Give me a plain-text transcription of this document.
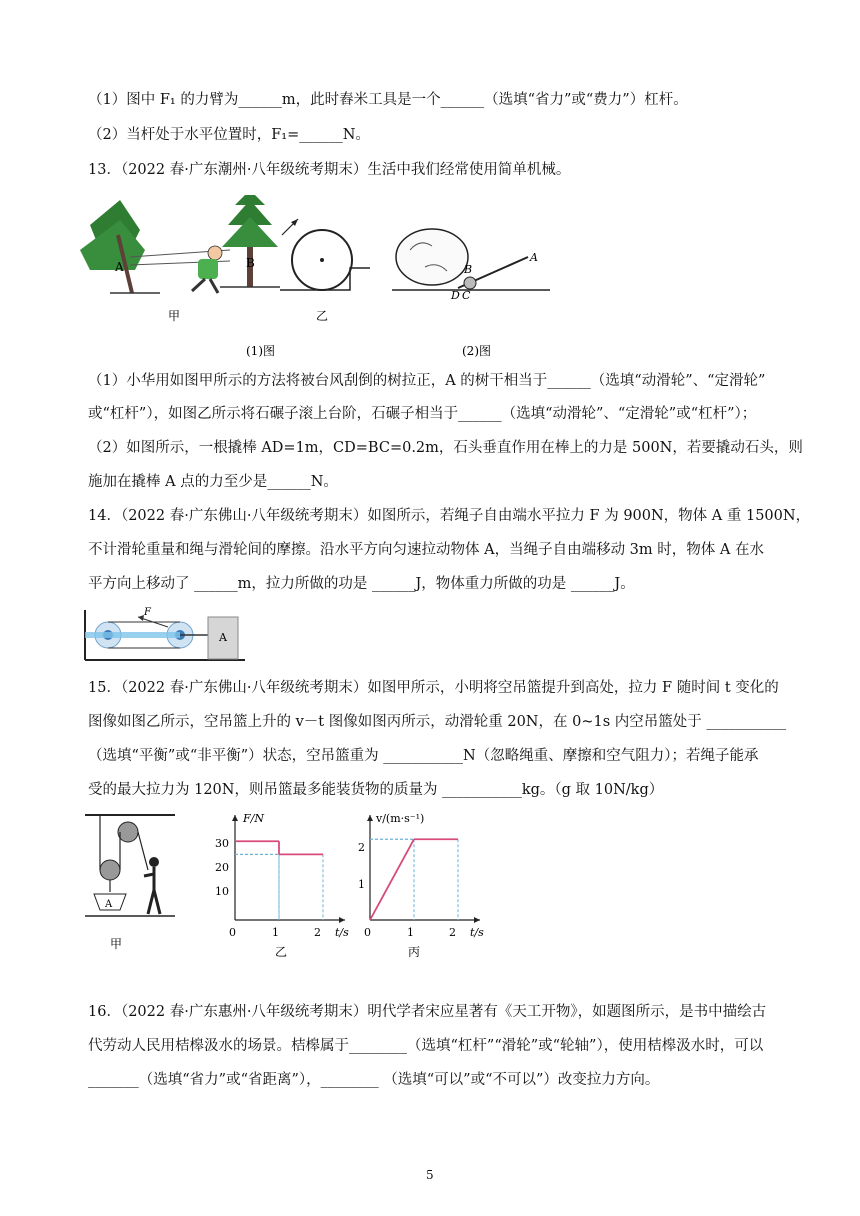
（1）图中 F₁ 的力臂为______m，此时舂米工具是一个______（选填“省力”或“费力”）杠杆。
（2）当杆处于水平位置时，F₁=______N。
13．（2022 春·广东潮州·八年级统考期末）生活中我们经常使用简单机械。
A	B
甲	乙
D C
B
A
(1)图	(2)图
（1）小华用如图甲所示的方法将被台风刮倒的树拉正，A 的树干相当于______（选填“动滑轮”、“定滑轮”
或“杠杆”），如图乙所示将石碾子滚上台阶，石碾子相当于______（选填“动滑轮”、“定滑轮”或“杠杆”）；
（2）如图所示，一根撬棒 AD=1m，CD=BC=0.2m，石头垂直作用在棒上的力是 500N，若要撬动石头，则
施加在撬棒 A 点的力至少是______N。
14．（2022 春·广东佛山·八年级统考期末）如图所示，若绳子自由端水平拉力 F 为 900N，物体 A 重 1500N，
不计滑轮重量和绳与滑轮间的摩擦。沿水平方向匀速拉动物体 A，当绳子自由端移动 3m 时，物体 A 在水
平方向上移动了 ______m，拉力所做的功是 ______J，物体重力所做的功是 ______J。
F
A
15．（2022 春·广东佛山·八年级统考期末）如图甲所示，小明将空吊篮提升到高处，拉力 F 随时间 t 变化的
图像如图乙所示，空吊篮上升的 v－t 图像如图丙所示，动滑轮重 20N，在 0~1s 内空吊篮处于 ___________
（选填“平衡”或“非平衡”）状态，空吊篮重为 ___________N（忽略绳重、摩擦和空气阻力）；若绳子能承
受的最大拉力为 120N，则吊篮最多能装货物的质量为 ___________kg。（g 取 10N/kg）
A
甲
F/N
t/s
0	1	2
30
20
10
乙
v/(m·s⁻¹)
t/s
0	1	2
2
1
丙
16．（2022 春·广东惠州·八年级统考期末）明代学者宋应星著有《天工开物》，如题图所示，是书中描绘古
代劳动人民用桔槔汲水的场景。桔槔属于________（选填“杠杆”“滑轮”或“轮轴”），使用桔槔汲水时，可以
_______（选填“省力”或“省距离”），________ （选填“可以”或“不可以”）改变拉力方向。
5
